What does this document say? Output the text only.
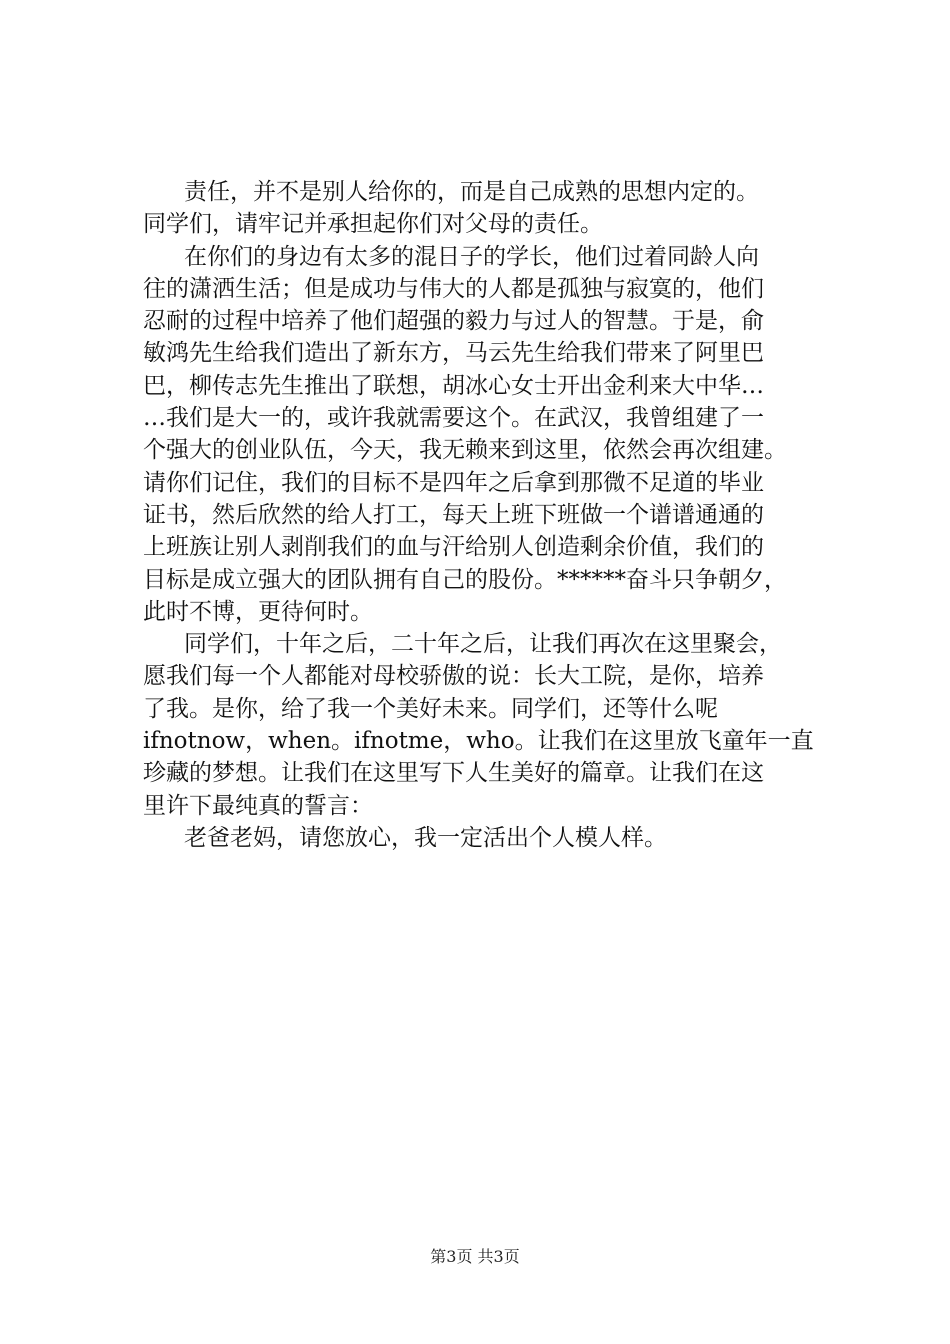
责任，并不是别人给你的，而是自己成熟的思想内定的。
同学们，请牢记并承担起你们对父母的责任。
在你们的身边有太多的混日子的学长，他们过着同龄人向
往的潇洒生活；但是成功与伟大的人都是孤独与寂寞的，他们
忍耐的过程中培养了他们超强的毅力与过人的智慧。于是，俞
敏鸿先生给我们造出了新东方，马云先生给我们带来了阿里巴
巴，柳传志先生推出了联想，胡冰心女士开出金利来大中华…
…我们是大一的，或许我就需要这个。在武汉，我曾组建了一
个强大的创业队伍，今天，我无赖来到这里，依然会再次组建。
请你们记住，我们的目标不是四年之后拿到那微不足道的毕业
证书，然后欣然的给人打工，每天上班下班做一个谱谱通通的
上班族让别人剥削我们的血与汗给别人创造剩余价值，我们的
目标是成立强大的团队拥有自己的股份。******奋斗只争朝夕，
此时不博，更待何时。
同学们，十年之后，二十年之后，让我们再次在这里聚会，
愿我们每一个人都能对母校骄傲的说：长大工院，是你，培养
了我。是你，给了我一个美好未来。同学们，还等什么呢
ifnotnow，when。ifnotme，who。让我们在这里放飞童年一直
珍藏的梦想。让我们在这里写下人生美好的篇章。让我们在这
里许下最纯真的誓言：
老爸老妈，请您放心，我一定活出个人模人样。
第3页 共3页
